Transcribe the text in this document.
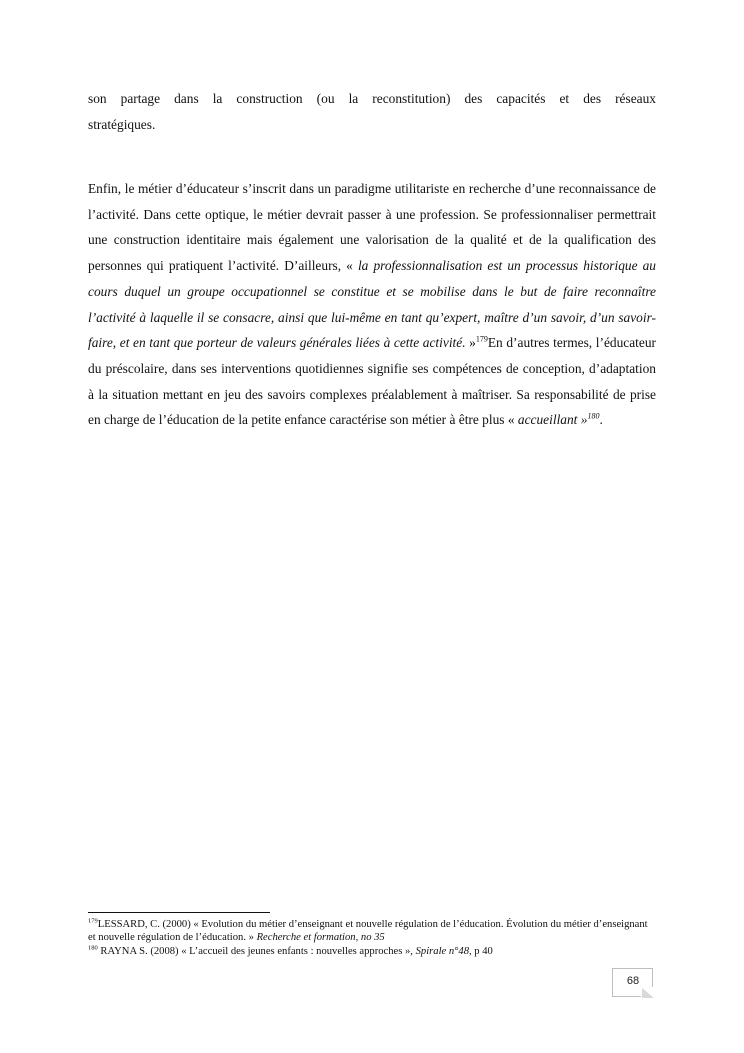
son partage dans la construction (ou la reconstitution) des capacités et des réseaux
stratégiques.

Enfin, le métier d’éducateur s’inscrit dans un paradigme utilitariste en recherche d’une reconnaissance de l’activité. Dans cette optique, le métier devrait passer à une profession. Se professionnaliser permettrait une construction identitaire mais également une valorisation de la qualité et de la qualification des personnes qui pratiquent l’activité. D’ailleurs, « la professionnalisation est un processus historique au cours duquel un groupe occupationnel se constitue et se mobilise dans le but de faire reconnaître l’activité à laquelle il se consacre, ainsi que lui-même en tant qu’expert, maître d’un savoir, d’un savoir-faire, et en tant que porteur de valeurs générales liées à cette activité. »$^{179}$En d’autres termes, l’éducateur du préscolaire, dans ses interventions quotidiennes signifie ses compétences de conception, d’adaptation à la situation mettant en jeu des savoirs complexes préalablement à maîtriser. Sa responsabilité de prise en charge de l’éducation de la petite enfance caractérise son métier à être plus « accueillant »$^{180}$.

$^{179}$LESSARD, C. (2000) « Evolution du métier d’enseignant et nouvelle régulation de l’éducation. Évolution du métier d’enseignant et nouvelle régulation de l’éducation. » Recherche et formation, no 35

$^{180}$ RAYNA S. (2008) « L’accueil des jeunes enfants : nouvelles approches », Spirale n°48, p 40

68
